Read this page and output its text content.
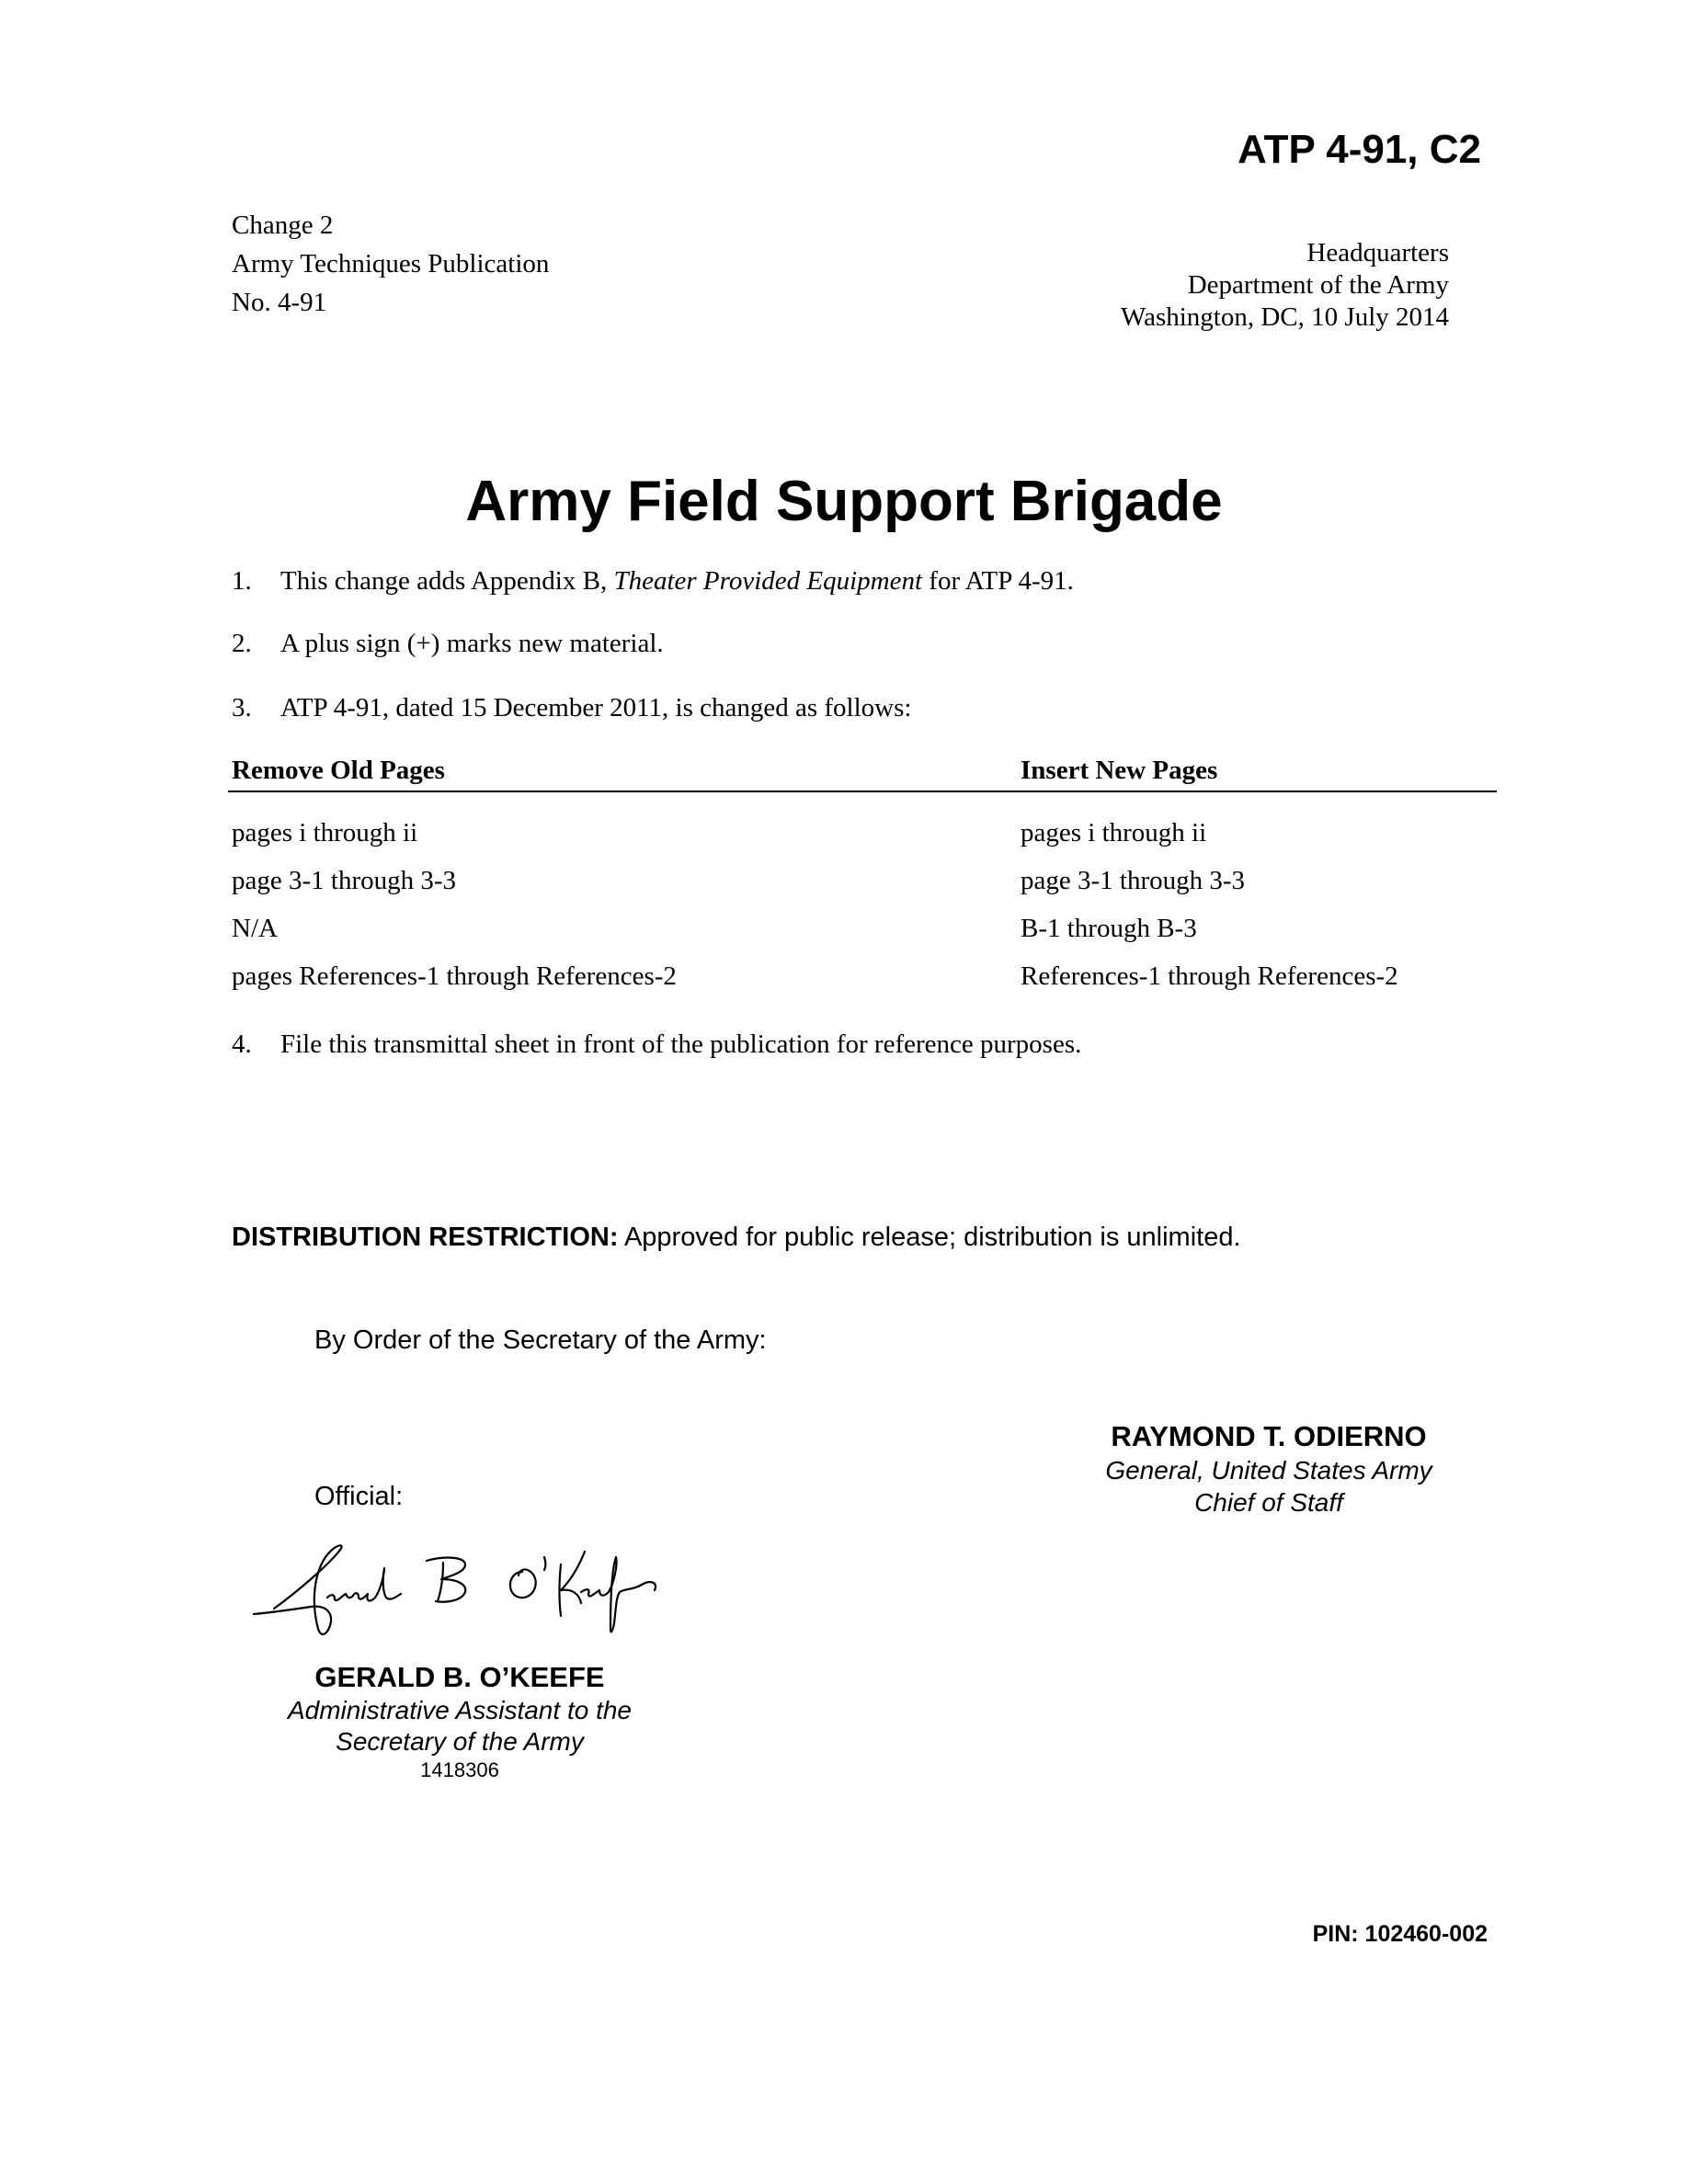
ATP 4-91, C2
Change 2
Army Techniques Publication
No. 4-91
Headquarters
Department of the Army
Washington, DC, 10 July 2014
Army Field Support Brigade
1. This change adds Appendix B, Theater Provided Equipment for ATP 4-91.
2. A plus sign (+) marks new material.
3. ATP 4-91, dated 15 December 2011, is changed as follows:
Remove Old Pages	Insert New Pages
pages i through ii	pages i through ii
page 3-1 through 3-3	page 3-1 through 3-3
N/A	B-1 through B-3
pages References-1 through References-2	References-1 through References-2
4. File this transmittal sheet in front of the publication for reference purposes.
DISTRIBUTION RESTRICTION: Approved for public release; distribution is unlimited.
By Order of the Secretary of the Army:
RAYMOND T. ODIERNO
General, United States Army
Chief of Staff
Official:
GERALD B. O’KEEFE
Administrative Assistant to the
Secretary of the Army
1418306
PIN: 102460-002
